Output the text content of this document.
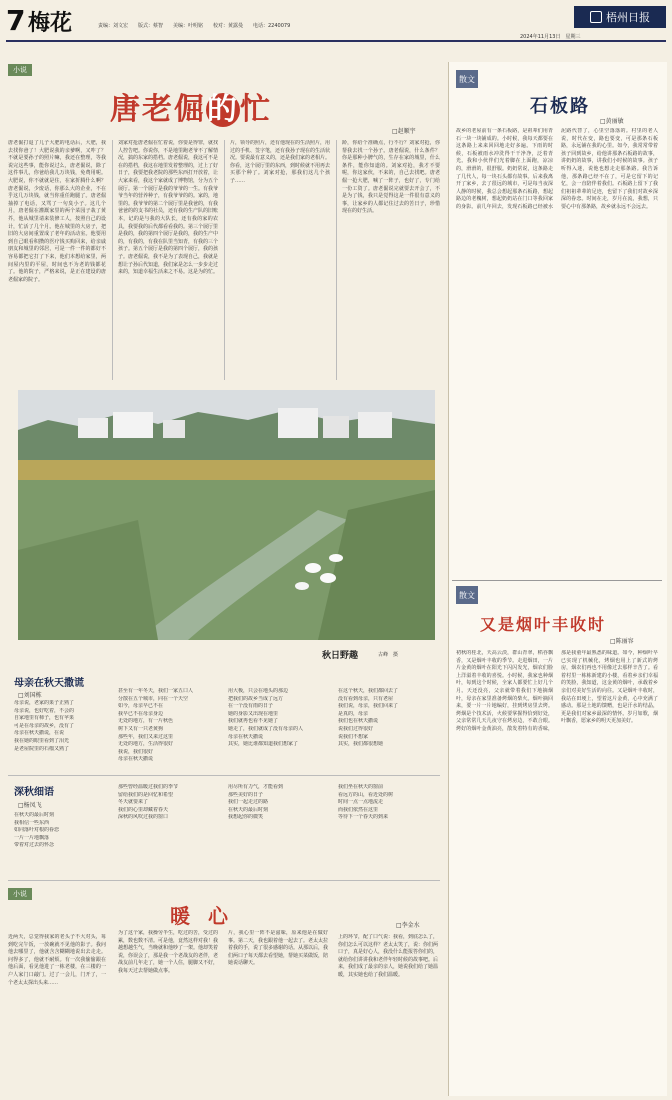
7 梅花	责编：刘文宏　　版式：蔡智　　美编：叶明铭　　校对：黄露曼　　电话：2240079
梧州日报
2024年11月13日　星期三
小说
唐老倔的忙
□赵顺宇
唐老倔打退了儿子大肥的电话后，大肥，我去找你爸了！大肥说我的亲爹啊，又咋了？不就是要孙子的照片嘛，我还在整理，等我说完这些事，能你说过么，唐老倔说，除了这件事儿，你爸给我儿万块钱，免费用呢。大肥说，你不就就是住，在家折腾什么啊？唐老倔说，少废话，你那么大的企业，不在乎这几万块钱，就当你重任跑腿了。唐老倔抽掉了电话，又骂了一句臭小子。这几个月，唐老倔在灌溉家里的两个菜园子栽了黄芥，他从城里请来装修工人，按照自己的设计，忙活了几个月。他在城里的大房子，把旧的大房间重置成了老年的活动室。他要用到自己眼看积攒的医疗钱买购回来，给亲戚朋友和城里的邻居，可是一件一件的都好不容易都把它打了下来，他们本想给家里，两间屋内里的平屋，时间也不为老的钱都花了。他的院子，严格来说，是正在建设的唐老倔家的院子。
刘家对抢唐老倔在忙着说，你要是得罪，就找人控告吧。你说你，不是地里跑老爷不了解情况，搞的东家的搭档。唐老倔说，我这可不是在的搭档，我这在地里发着整理的，过上了好日子，我要把我老院的那些东西打开放着，让大家来看，我这个家就成了博物馆，分为五个展厅。第一个展厅是我的爷爷的一生。有我爷爷当年的营养种子，有我爷爷的的。家的，地里的。我爷爷的第二个展厅里是我爸的，有我爸爸的的支书的社员，还有我的生产队的旧账本，记的是与我的大队长，还有我的家的农具，我要我的后代都看看我的。第三个展厅里是我的，我的第四个展厅是我的，我的生产中的，有我的，有我在队里当知青，有我的三个孩子。第五个展厅是我的第四个展厅，我的孩子。唐老倔说，我不是为了表现自己，我就是想让子孙后代知道，我们家是怎么一步步走过来的，知道幸福生活来之不易。这是为的忙。
片，领导的照片，还有他现在的生活照片，用过的手机、签字笔，还有我孙子现在的生活状况。要说最有意义的，还是我们家的老相片。你看，这个展厅里的东西，到时候就不用再去买那个种了。刘家对抢，那我们这几个孩子……
龄，你给个准确点，行不行？刘家对抢，你帮我去找一个孙子。唐老倔说，什么条件？你是那种小脾气的，生存在家的城里，什么条件，能你知道的。刘家对抢，我才不要呢，你这家伙，不来的，自己去找吧。唐老倔一抢大肥，喊了一阵子，也好了，专门给一份工资了。唐老倔说完就要去开会了，不是为了钱，我只是觉得这是一件很有意义的事，让家乡的人都记住过去的苦日子，珍惜现在的好生活。
秋日野趣	古峰　摄
母亲在秋天撒谎
□刘国栋
母亲说，老家的果子正熟了
母亲说，也好吃着，不会的
自家地里有柿子，也有苹果
可是在母亲的故乡，没有了
母亲在秋天撒谎，在说
我在她的眼里看到了泪光
是老屋院里的石榴又熟了
甚至有一年冬天，我们一家五口人
分散在五个城市，同在一个天空
如今，母亲早已不在
我早已不在母亲身边
无处的地方，有一片秋色
树下又有一只老黄狗
那些年，我们又来过这里
无处的地方，生活得很好
我说，我们很好
母亲在秋天撒谎
用大极，只会在地头的那边
把我们的故乡当成了远方
在一个没有雨的日子
她的身影又出现在地里
我们就再也看不见她了
她走了，我们就成了没有母亲的人
母亲在秋天撒谎
其实，她比谁都知道我们想家了
在这个秋天，我们都回去了
没有看到母亲，只有老屋
我们说，母亲，我们回来了
是真的，母亲
我们也在秋天撒谎
说我们过得很好
说我们不想家
其实，我们都很想她
深秋细语
□杨凤飞
在秋天的最后时刻
我相信一些东西
如同落叶对根的眷恋
一片一片地飘落
带着对过去的怀念
那些曾经温暖过我们的季节
留给我们的是回忆和希望
冬天就要来了
我们的心里却藏着春天
深秋的风吹过我的窗口
用尽所有力气，才能看到
那些美好的日子
我们一起走过的路
在秋天的最后时刻
我想起你的微笑
我们坐在秋天的窗前
看远方的山，看近处的树
时间一点一点地流走
而我们依然在这里
等待下一个春天的到来
小说
暖心	□李金水
近两天，总觉得我家的老头子不大对头，每到吃完午饭，一放碗就不见他的影子。我问他去哪里了，他就含含糊糊地说出去走走。问得多了，他就不耐烦。有一次我偷偷跟在他后面，看见他进了一栋老楼，在三楼的一户人家门口敲门。过了一会儿，门开了，一个老太太探出头来……
为了这个家，我操劳半生，吃过的苦，受过的累，数也数不清。可是他，竟然这样对我！我越想越生气，当晚就和他吵了一架。他却笑着说，你误会了，那是我一个老战友的老伴，老战友前几年走了，她一个人住，腿脚又不好，我每天过去帮她做点事。
片，我心里一阵不是滋味，原来他是在做好事。第二天，我也跟着他一起去了。老太太拉着我的手，说了很多感谢的话。从那以后，我们两口子每天都去看望她，帮她买菜做饭，陪她说话聊天。
上的环节，配了口气说：我看，到底怎么了，你们怎么可以这样？老太太笑了，说：你们两口子，真是好心人，我没什么能报答你们的，就给你们讲讲我和老伴年轻时候的故事吧。后来，我们成了最亲的亲人，她说我们给了她温暖，其实她也给了我们温暖。
散文
石板路
□黄丽敏
故乡的老屋前有一条石板路，是祖辈们用青石一块一块铺成的。小时候，我每天都要在这条路上来来回回地走好多遍。下雨的时候，石板被雨水冲洗得干干净净，泛着青光。我和小伙伴们光着脚在上面跑，凉凉的，滑滑的，很舒服。奶奶常说，这条路走了几代人，每一块石头都有故事。后来我离开了家乡，去了很远的城市，可是每当夜深人静的时候，我总会想起那条石板路，想起路边的老槐树，想起奶奶站在门口等我回家的身影。前几年回去，发现石板路已经被水泥路代替了，心里空落落的。村里的老人说，时代在变，路也要变，可是那条石板路，永远铺在我的心里。如今，我常常带着孩子回到故乡，给他讲那条石板路的故事，讲奶奶的故事，讲我们小时候的故事。孩子听得入迷，说他也想走走那条路。我告诉他，那条路已经不在了，可是它留下的记忆，会一直陪伴着我们。石板路上留下了我们祖祖辈辈的足迹，也留下了我们对故乡深深的眷恋。时间在走，岁月在流，我想，只要心中有那条路，故乡就永远不会远去。
散文
又是烟叶丰收时
□陈丽容
初秋的桂北，天高云淡，群山青翠，稻谷飘香，又是烟叶丰收的季节。走进烟田，一片片金黄的烟叶在阳光下闪闪发光，烟农们脸上洋溢着丰收的喜悦。小时候，我家也种烟叶，每到这个时候，全家人都要忙上好几个月。天还没亮，父亲就带着我们下地摘烟叶，母亲在家里准备烤烟的柴火。烟叶摘回来，要一片一片地编好，挂到烤房里去烤。烤烟是个技术活，火候要掌握得恰到好处，父亲常常几天几夜守在烤房边，不敢合眼。烤好的烟叶金黄油亮，散发着特有的香味，那是我童年最熟悉的味道。如今，种烟叶早已实现了机械化，烤烟也用上了新式的烤房，烟农们再也不用像过去那样辛苦了。看着村里一栋栋新建的小楼，看着乡亲们幸福的笑脸，我知道，这金黄的烟叶，承载着乡亲们对美好生活的向往。又是烟叶丰收时，我站在田埂上，望着这片金黄，心中充满了感动。那是土地的馈赠，也是汗水的结晶，更是我们对家乡最深的情怀。岁月如歌，烟叶飘香，愿家乡的明天更加美好。
